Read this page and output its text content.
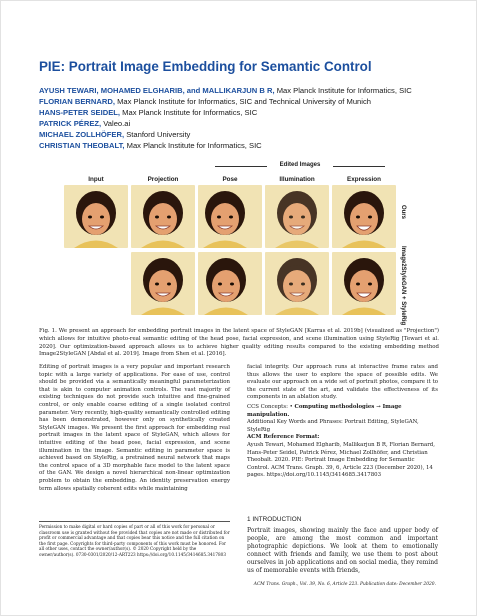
PIE: Portrait Image Embedding for Semantic Control
AYUSH TEWARI, MOHAMED ELGHARIB, and MALLIKARJUN B R, Max Planck Institute for Informatics, SIC
FLORIAN BERNARD, Max Planck Institute for Informatics, SIC and Technical University of Munich
HANS-PETER SEIDEL, Max Planck Institute for Informatics, SIC
PATRICK PÉREZ, Valeo.ai
MICHAEL ZOLLHÖFER, Stanford University
CHRISTIAN THEOBALT, Max Planck Institute for Informatics, SIC
Edited Images
Input	Projection	Pose	Illumination	Expression
Ours
Image2StyleGAN + StyleRig
Fig. 1. We present an approach for embedding portrait images in the latent space of StyleGAN [Karras et al. 2019b] (visualized as "Projection") which allows for intuitive photo-real semantic editing of the head pose, facial expression, and scene illumination using StyleRig [Tewari et al. 2020]. Our optimization-based approach allows us to achieve higher quality editing results compared to the existing embedding method Image2StyleGAN [Abdal et al. 2019]. Image from Shen et al. [2016].
Editing of portrait images is a very popular and important research topic with a large variety of applications. For ease of use, control should be provided via a semantically meaningful parameterization that is akin to computer animation controls. The vast majority of existing techniques do not provide such intuitive and fine-grained control, or only enable coarse editing of a single isolated control parameter. Very recently, high-quality semantically controlled editing has been demonstrated, however only on synthetically created StyleGAN images. We present the first approach for embedding real portrait images in the latent space of StyleGAN, which allows for intuitive editing of the head pose, facial expression, and scene illumination in the image. Semantic editing in parameter space is achieved based on StyleRig, a pretrained neural network that maps the control space of a 3D morphable face model to the latent space of the GAN. We design a novel hierarchical non-linear optimization problem to obtain the embedding. An identity preservation energy term allows spatially coherent edits while maintaining
facial integrity. Our approach runs at interactive frame rates and thus allows the user to explore the space of possible edits. We evaluate our approach on a wide set of portrait photos, compare it to the current state of the art, and validate the effectiveness of its components in an ablation study.
CCS Concepts: • Computing methodologies → Image manipulation.
Additional Key Words and Phrases: Portrait Editing, StyleGAN, StyleRig
ACM Reference Format:
Ayush Tewari, Mohamed Elgharib, Mallikarjun B R, Florian Bernard, Hans-Peter Seidel, Patrick Pérez, Michael Zollhöfer, and Christian Theobalt. 2020. PIE: Portrait Image Embedding for Semantic Control. ACM Trans. Graph. 39, 6, Article 223 (December 2020), 14 pages. https://doi.org/10.1145/3414685.3417803
Permission to make digital or hard copies of part or all of this work for personal or classroom use is granted without fee provided that copies are not made or distributed for profit or commercial advantage and that copies bear this notice and the full citation on the first page. Copyrights for third-party components of this work must be honored. For all other uses, contact the owner/author(s). © 2020 Copyright held by the owner/author(s). 0730-0301/2020/12-ART223 https://doi.org/10.1145/3414685.3417803
1 INTRODUCTION
Portrait images, showing mainly the face and upper body of people, are among the most common and important photographic depictions. We look at them to emotionally connect with friends and family, we use them to post about ourselves in job applications and on social media, they remind us of memorable events with friends,
ACM Trans. Graph., Vol. 39, No. 6, Article 223. Publication date: December 2020.
